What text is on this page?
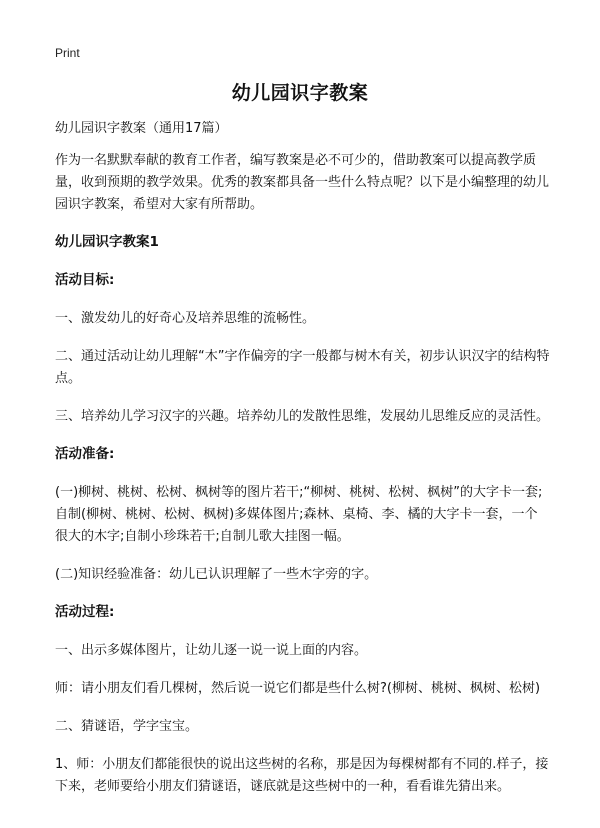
Print
幼儿园识字教案

幼儿园识字教案（通用17篇）

作为一名默默奉献的教育工作者，编写教案是必不可少的，借助教案可以提高教学质量，收到预期的教学效果。优秀的教案都具备一些什么特点呢？以下是小编整理的幼儿园识字教案，希望对大家有所帮助。

幼儿园识字教案1

活动目标:

一、激发幼儿的好奇心及培养思维的流畅性。

二、通过活动让幼儿理解“木”字作偏旁的字一般都与树木有关，初步认识汉字的结构特点。

三、培养幼儿学习汉字的兴趣。培养幼儿的发散性思维，发展幼儿思维反应的灵活性。

活动准备:

(一)柳树、桃树、松树、枫树等的图片若干;“柳树、桃树、松树、枫树”的大字卡一套;自制(柳树、桃树、松树、枫树)多媒体图片;森林、桌椅、李、橘的大字卡一套，一个很大的木字;自制小珍珠若干;自制儿歌大挂图一幅。

(二)知识经验准备：幼儿已认识理解了一些木字旁的字。

活动过程:

一、出示多媒体图片，让幼儿逐一说一说上面的内容。

师：请小朋友们看几棵树，然后说一说它们都是些什么树?(柳树、桃树、枫树、松树)

二、猜谜语，学字宝宝。

1、师：小朋友们都能很快的说出这些树的名称，那是因为每棵树都有不同的.样子，接下来，老师要给小朋友们猜谜语，谜底就是这些树中的一种，看看谁先猜出来。
